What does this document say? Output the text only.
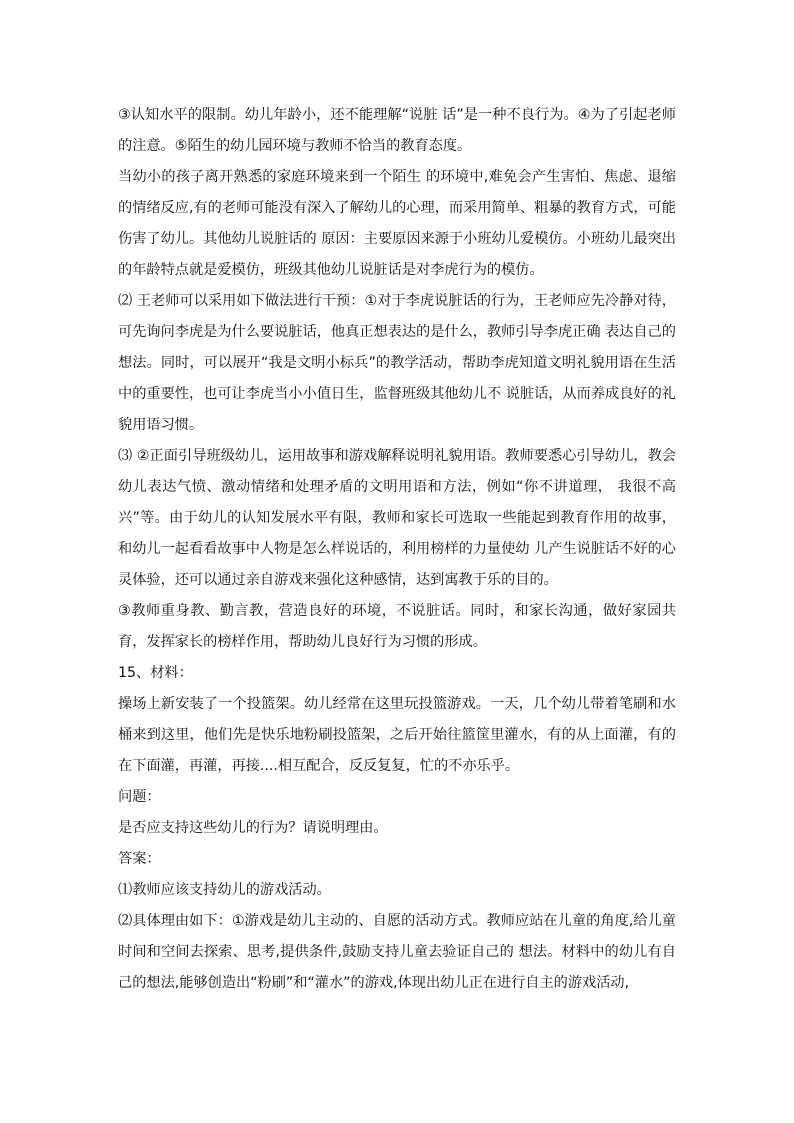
③认知水平的限制。幼儿年龄小，还不能理解“说脏 话”是一种不良行为。④为了引起老师的注意。⑤陌生的幼儿园环境与教师不恰当的教育态度。

当幼小的孩子离开熟悉的家庭环境来到一个陌生 的环境中,难免会产生害怕、焦虑、退缩的情绪反应,有的老师可能没有深入了解幼儿的心理，而采用简单、粗暴的教育方式，可能伤害了幼儿。其他幼儿说脏话的 原因：主要原因来源于小班幼儿爱模仿。小班幼儿最突出的年龄特点就是爱模仿，班级其他幼儿说脏话是对李虎行为的模仿。

⑵ 王老师可以采用如下做法进行干预：①对于李虎说脏话的行为，王老师应先冷静对待，可先询问李虎是为什么要说脏话，他真正想表达的是什么，教师引导李虎正确 表达自己的想法。同时，可以展开“我是文明小标兵”的教学活动，帮助李虎知道文明礼貌用语在生活中的重要性，也可让李虎当小小值日生，监督班级其他幼儿不 说脏话，从而养成良好的礼貌用语习惯。

⑶ ②正面引导班级幼儿，运用故事和游戏解释说明礼貌用语。教师要悉心引导幼儿，教会幼儿表达气愤、激动情绪和处理矛盾的文明用语和方法，例如“你不讲道理， 我很不高兴”等。由于幼儿的认知发展水平有限，教师和家长可选取一些能起到教育作用的故事，和幼儿一起看看故事中人物是怎么样说话的，利用榜样的力量使幼 儿产生说脏话不好的心灵体验，还可以通过亲自游戏来强化这种感情，达到寓教于乐的目的。

③教师重身教、勤言教，营造良好的环境，不说脏话。同时，和家长沟通，做好家园共育，发挥家长的榜样作用，帮助幼儿良好行为习惯的形成。

15、材料：

操场上新安装了一个投篮架。幼儿经常在这里玩投篮游戏。一天，几个幼儿带着笔刷和水桶来到这里，他们先是快乐地粉刷投篮架，之后开始往篮筐里灌水，有的从上面灌，有的在下面灌，再灌，再接....相互配合，反反复复，忙的不亦乐乎。

问题：

是否应支持这些幼儿的行为？请说明理由。

答案：

⑴教师应该支持幼儿的游戏活动。

⑵具体理由如下：①游戏是幼儿主动的、自愿的活动方式。教师应站在儿童的角度,给儿童时间和空间去探索、思考,提供条件,鼓励支持儿童去验证自己的 想法。材料中的幼儿有自己的想法,能够创造出“粉刷”和“灌水”的游戏,体现出幼儿正在进行自主的游戏活动,
